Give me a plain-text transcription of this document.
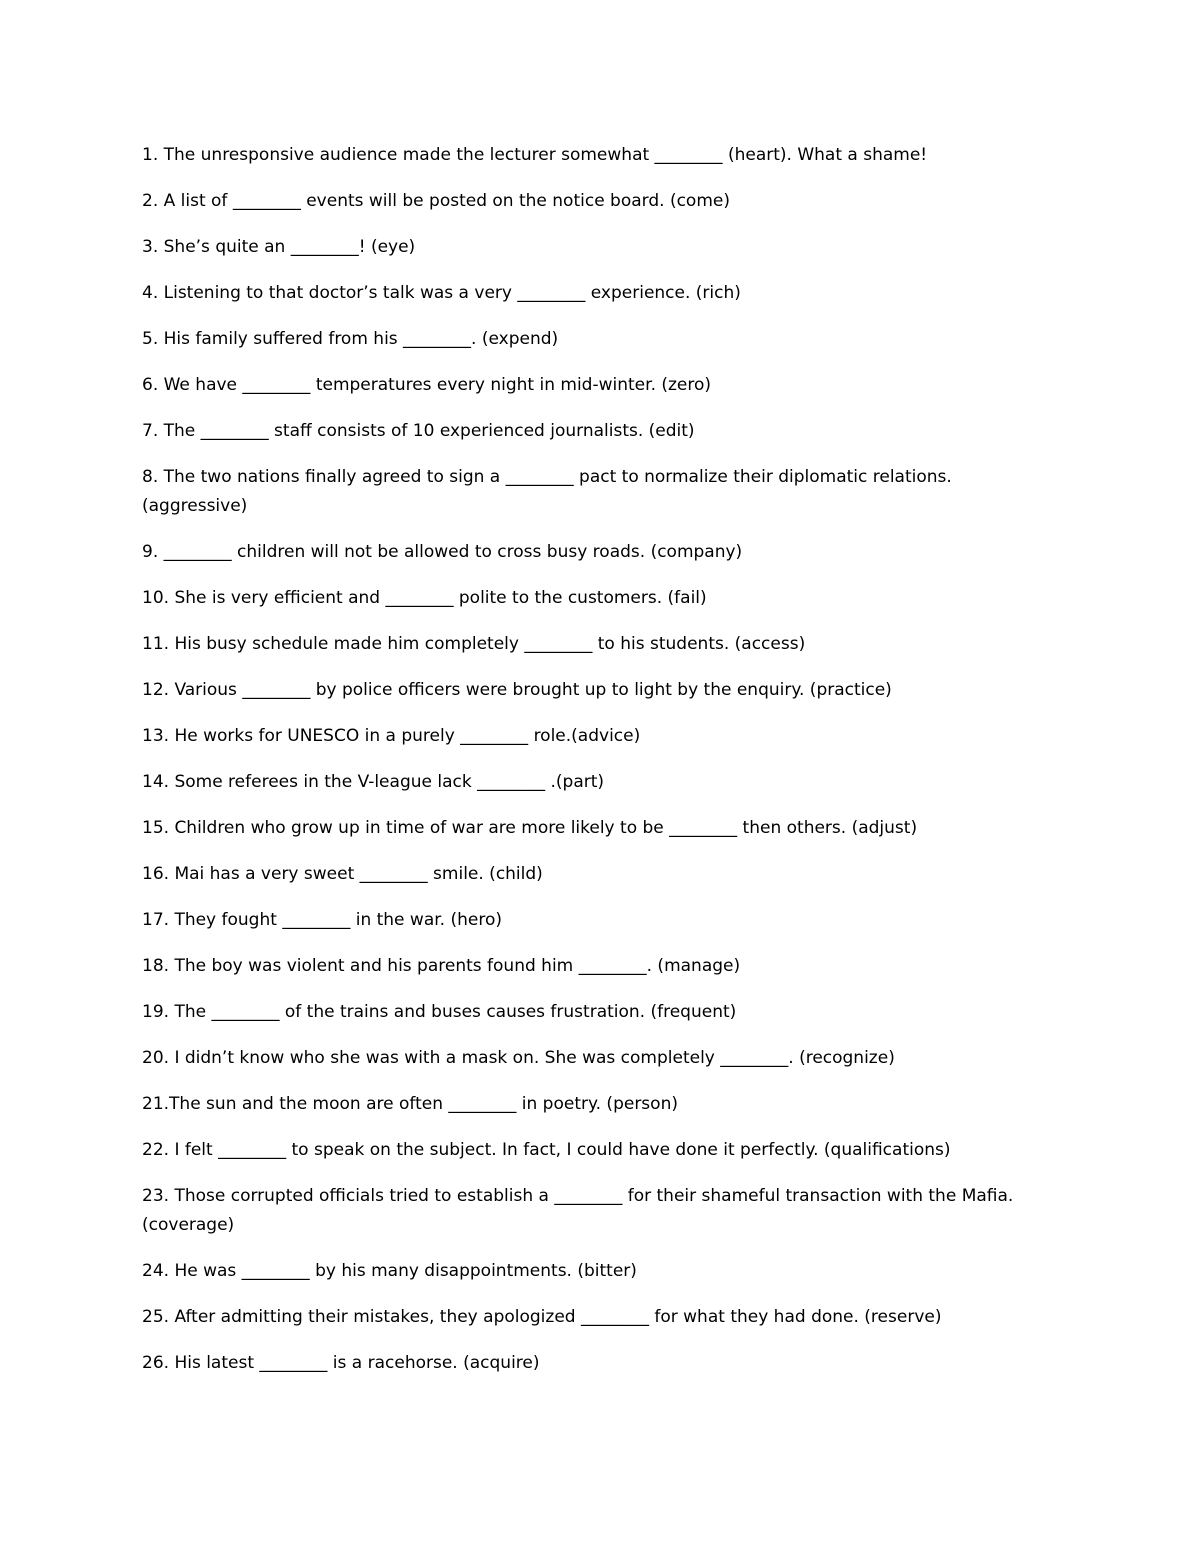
1. The unresponsive audience made the lecturer somewhat ________ (heart). What a shame!

2. A list of ________ events will be posted on the notice board. (come)

3. She’s quite an ________! (eye)

4. Listening to that doctor’s talk was a very ________ experience. (rich)

5. His family suffered from his ________. (expend)

6. We have ________ temperatures every night in mid-winter. (zero)

7. The ________ staff consists of 10 experienced journalists. (edit)

8. The two nations finally agreed to sign a ________ pact to normalize their diplomatic relations. (aggressive)

9. ________ children will not be allowed to cross busy roads. (company)

10. She is very efficient and ________ polite to the customers. (fail)

11. His busy schedule made him completely ________ to his students. (access)

12. Various ________ by police officers were brought up to light by the enquiry. (practice)

13. He works for UNESCO in a purely ________ role.(advice)

14. Some referees in the V-league lack ________ .(part)

15. Children who grow up in time of war are more likely to be ________ then others. (adjust)

16. Mai has a very sweet ________ smile. (child)

17. They fought ________ in the war. (hero)

18. The boy was violent and his parents found him ________. (manage)

19. The ________ of the trains and buses causes frustration. (frequent)

20. I didn’t know who she was with a mask on. She was completely ________. (recognize)

21.The sun and the moon are often ________ in poetry. (person)

22. I felt ________ to speak on the subject. In fact, I could have done it perfectly. (qualifications)

23. Those corrupted officials tried to establish a ________ for their shameful transaction with the Mafia. (coverage)

24. He was ________ by his many disappointments. (bitter)

25. After admitting their mistakes, they apologized ________ for what they had done. (reserve)

26. His latest ________ is a racehorse. (acquire)
